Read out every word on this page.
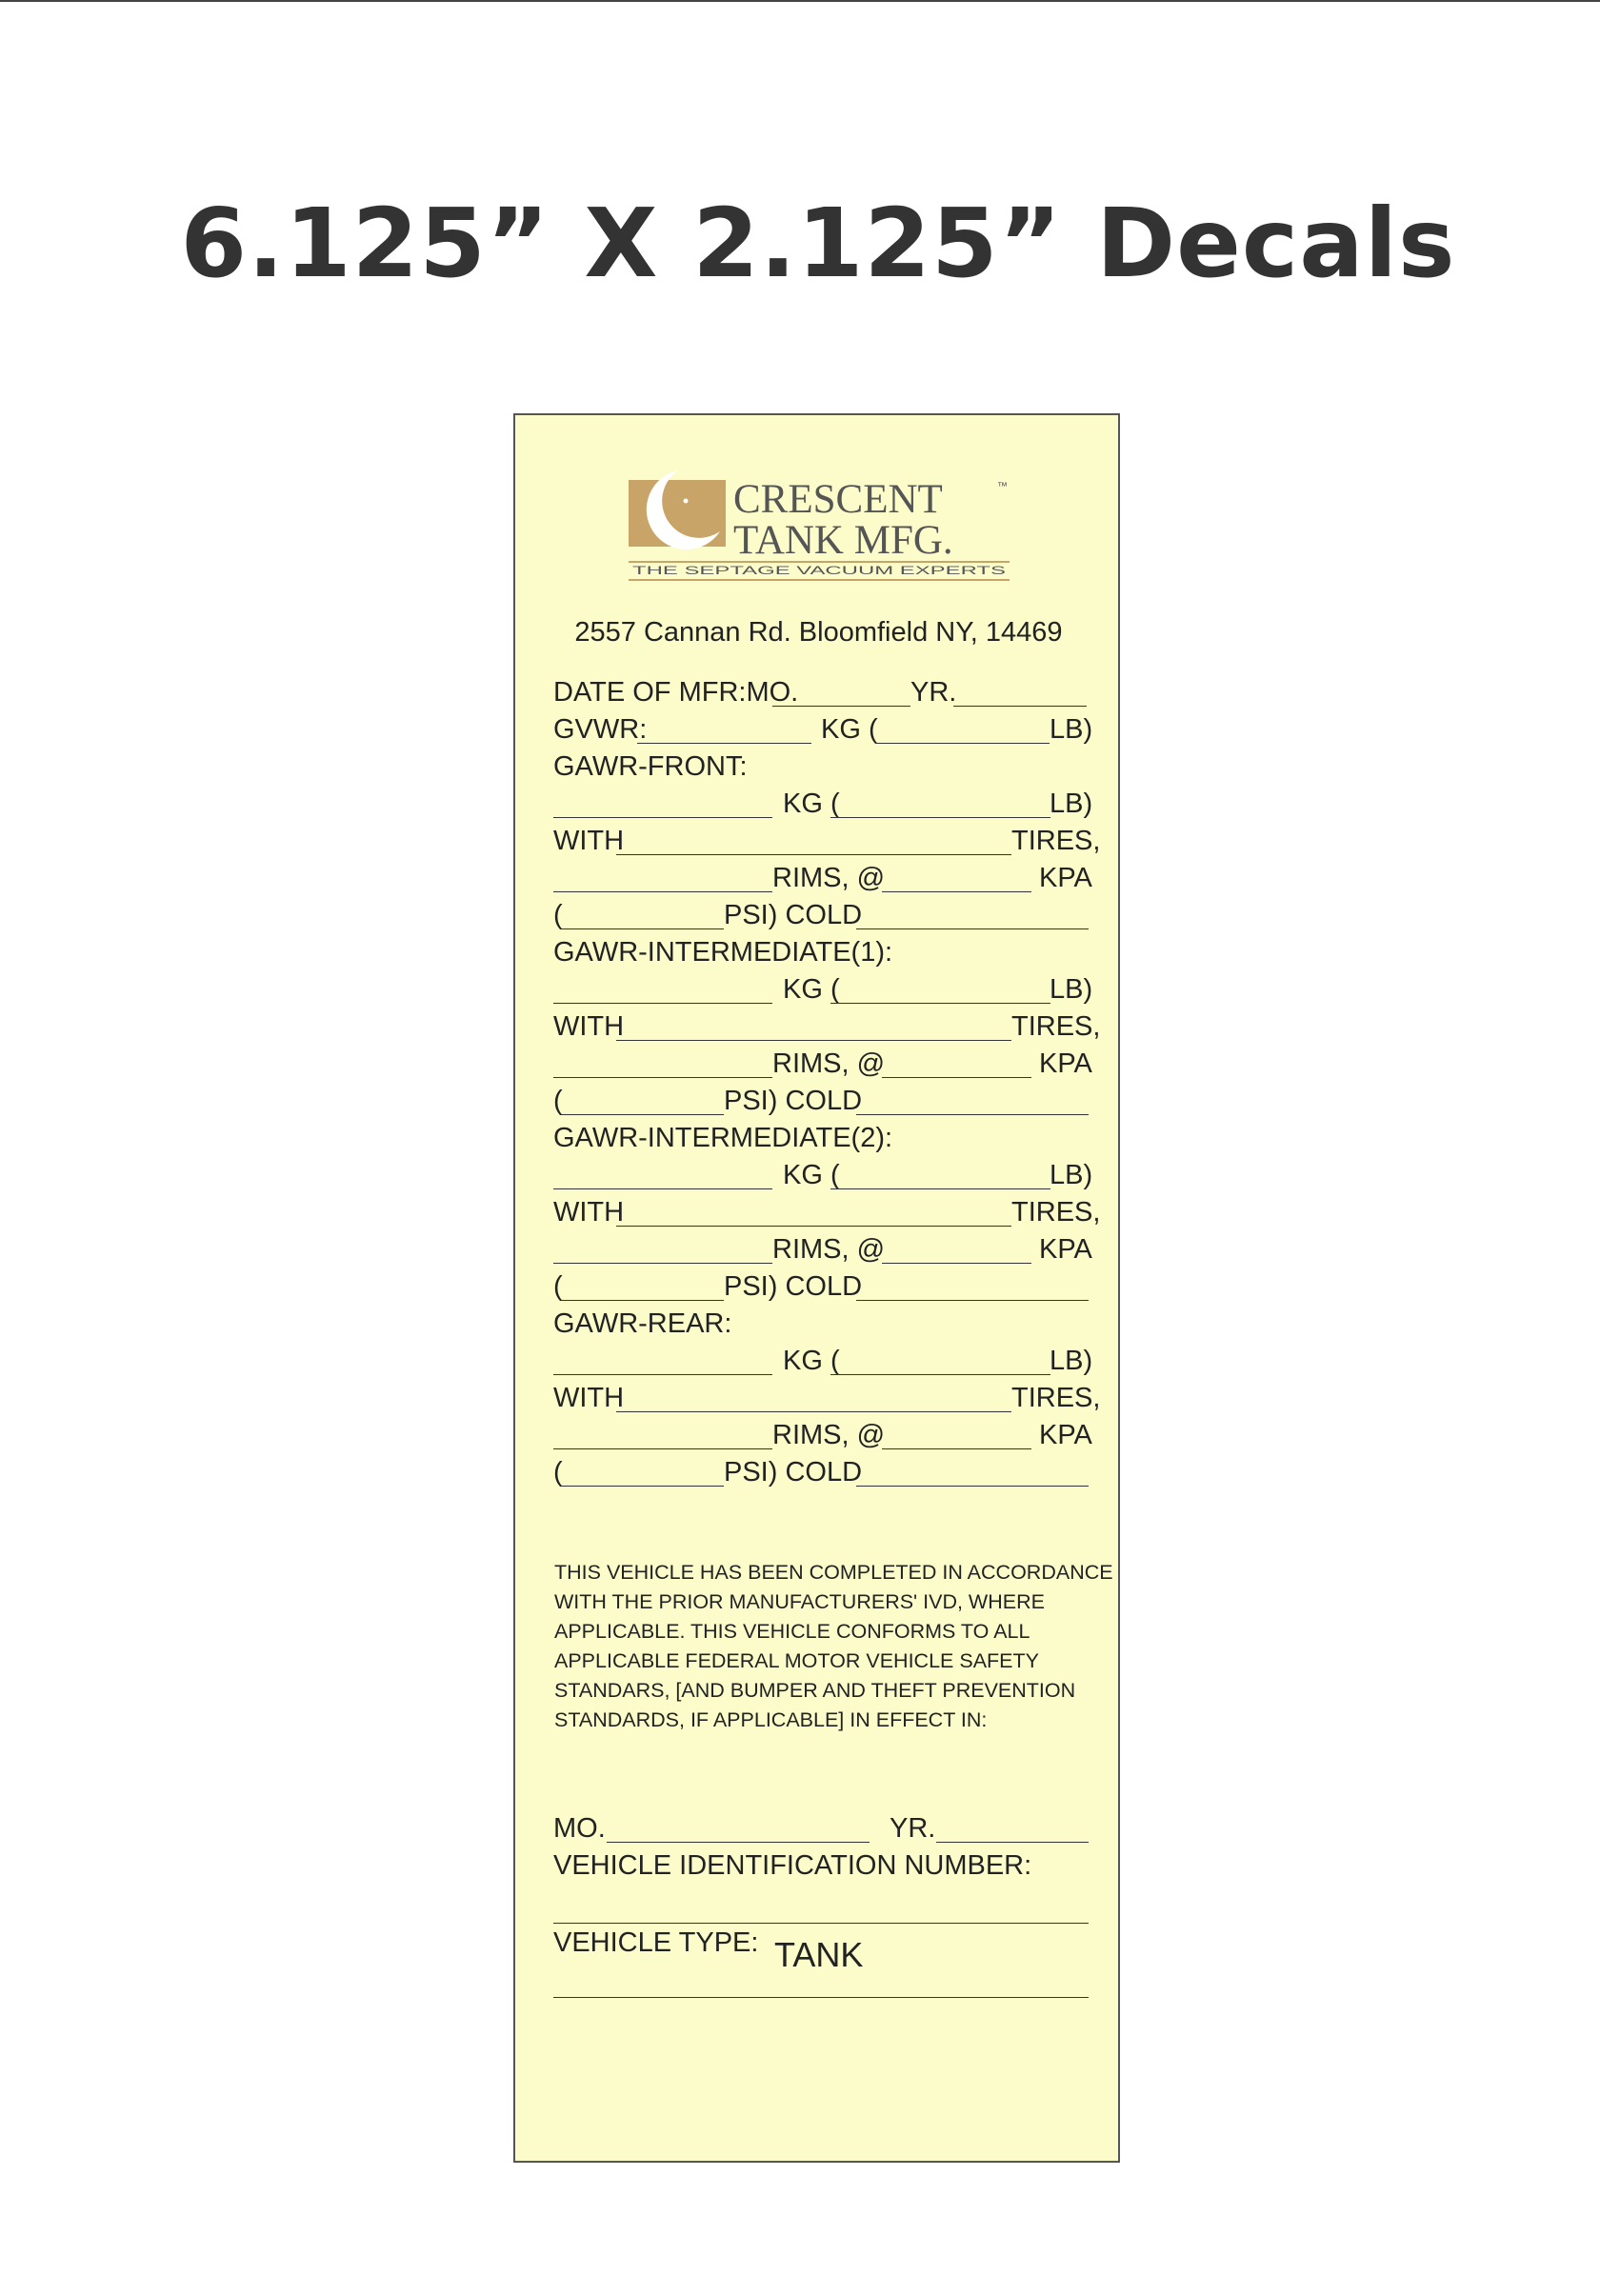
6.125” X 2.125” Decals
CRESCENT	™
TANK MFG.
THE SEPTAGE VACUUM EXPERTS
2557 Cannan Rd. Bloomfield NY, 14469
DATE OF MFR:MO.	YR.
GVWR:	KG (	LB)
GAWR-FRONT:
KG (	LB)
WITH	TIRES,
RIMS, @	KPA
(	PSI) COLD
GAWR-INTERMEDIATE(1):
KG (	LB)
WITH	TIRES,
RIMS, @	KPA
(	PSI) COLD
GAWR-INTERMEDIATE(2):
KG (	LB)
WITH	TIRES,
RIMS, @	KPA
(	PSI) COLD
GAWR-REAR:
KG (	LB)
WITH	TIRES,
RIMS, @	KPA
(	PSI) COLD
THIS VEHICLE HAS BEEN COMPLETED IN ACCORDANCE
WITH THE PRIOR MANUFACTURERS' IVD, WHERE
APPLICABLE. THIS VEHICLE CONFORMS TO ALL
APPLICABLE FEDERAL MOTOR VEHICLE SAFETY
STANDARS, [AND BUMPER AND THEFT PREVENTION
STANDARDS, IF APPLICABLE] IN EFFECT IN:
MO.	YR.
VEHICLE IDENTIFICATION NUMBER:
VEHICLE TYPE: TANK
